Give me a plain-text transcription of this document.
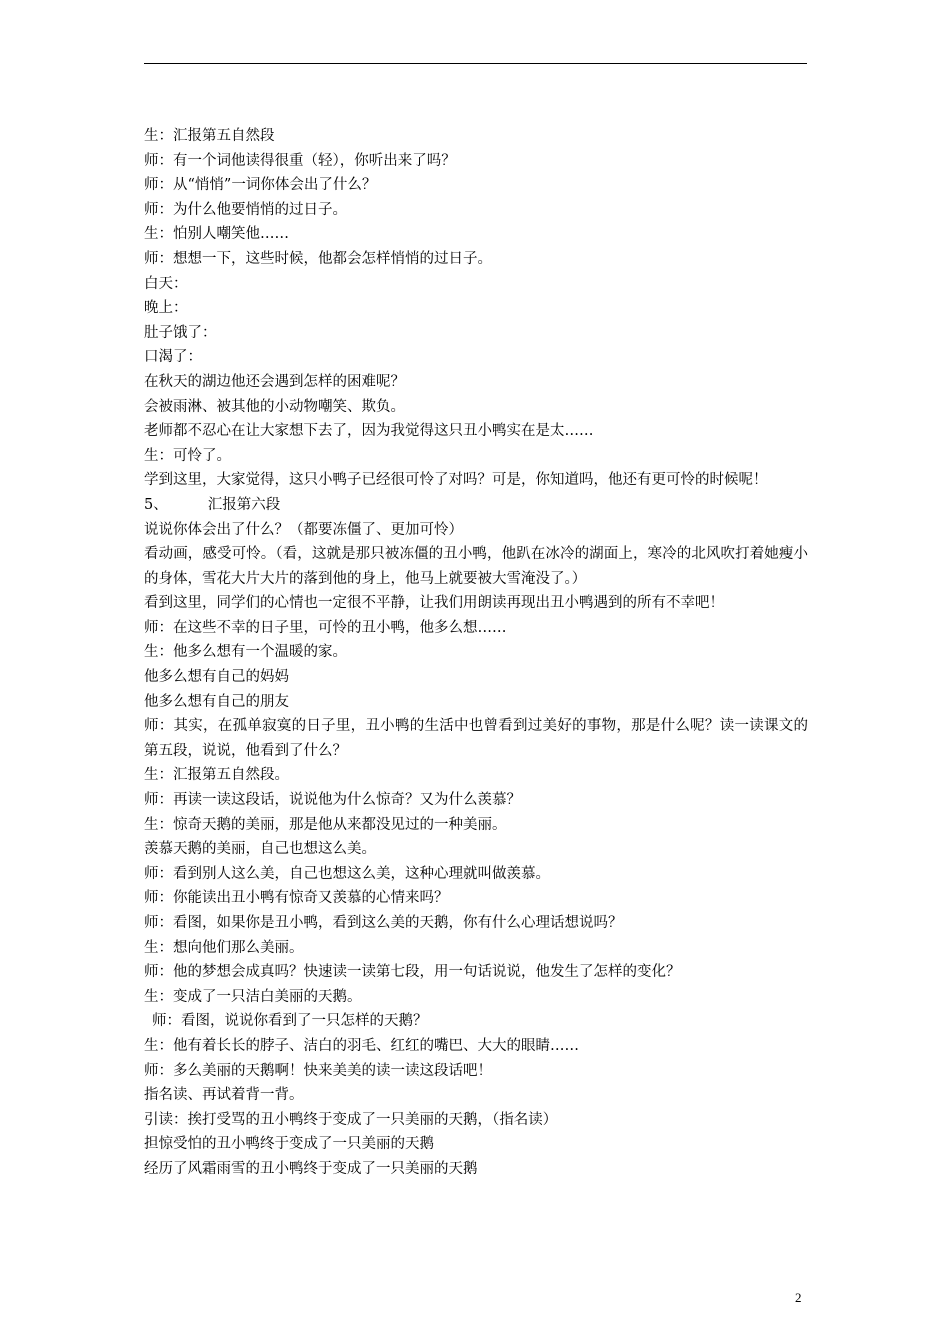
生：汇报第五自然段
师：有一个词他读得很重（轻），你听出来了吗？
师：从“悄悄”一词你体会出了什么？
师：为什么他要悄悄的过日子。
生：怕别人嘲笑他……
师：想想一下，这些时候，他都会怎样悄悄的过日子。
白天：
晚上：
肚子饿了：
口渴了：
在秋天的湖边他还会遇到怎样的困难呢？
会被雨淋、被其他的小动物嘲笑、欺负。
老师都不忍心在让大家想下去了，因为我觉得这只丑小鸭实在是太……
生：可怜了。
学到这里，大家觉得，这只小鸭子已经很可怜了对吗？可是，你知道吗，他还有更可怜的时候呢！
5、	汇报第六段
说说你体会出了什么？（都要冻僵了、更加可怜）
看动画，感受可怜。（看，这就是那只被冻僵的丑小鸭，他趴在冰冷的湖面上，寒冷的北风吹打着她瘦小的身体，雪花大片大片的落到他的身上，他马上就要被大雪淹没了。）
看到这里，同学们的心情也一定很不平静，让我们用朗读再现出丑小鸭遇到的所有不幸吧！
师：在这些不幸的日子里，可怜的丑小鸭，他多么想……
生：他多么想有一个温暖的家。
他多么想有自己的妈妈
他多么想有自己的朋友
师：其实，在孤单寂寞的日子里，丑小鸭的生活中也曾看到过美好的事物，那是什么呢？读一读课文的第五段，说说，他看到了什么？
生：汇报第五自然段。
师：再读一读这段话，说说他为什么惊奇？又为什么羡慕？
生：惊奇天鹅的美丽，那是他从来都没见过的一种美丽。
羡慕天鹅的美丽，自己也想这么美。
师：看到别人这么美，自己也想这么美，这种心理就叫做羡慕。
师：你能读出丑小鸭有惊奇又羡慕的心情来吗？
师：看图，如果你是丑小鸭，看到这么美的天鹅，你有什么心理话想说吗？
生：想向他们那么美丽。
师：他的梦想会成真吗？快速读一读第七段，用一句话说说，他发生了怎样的变化？
生：变成了一只洁白美丽的天鹅。
师：看图，说说你看到了一只怎样的天鹅？
生：他有着长长的脖子、洁白的羽毛、红红的嘴巴、大大的眼睛……
师：多么美丽的天鹅啊！快来美美的读一读这段话吧！
指名读、再试着背一背。
引读：挨打受骂的丑小鸭终于变成了一只美丽的天鹅，（指名读）
担惊受怕的丑小鸭终于变成了一只美丽的天鹅
经历了风霜雨雪的丑小鸭终于变成了一只美丽的天鹅
2
